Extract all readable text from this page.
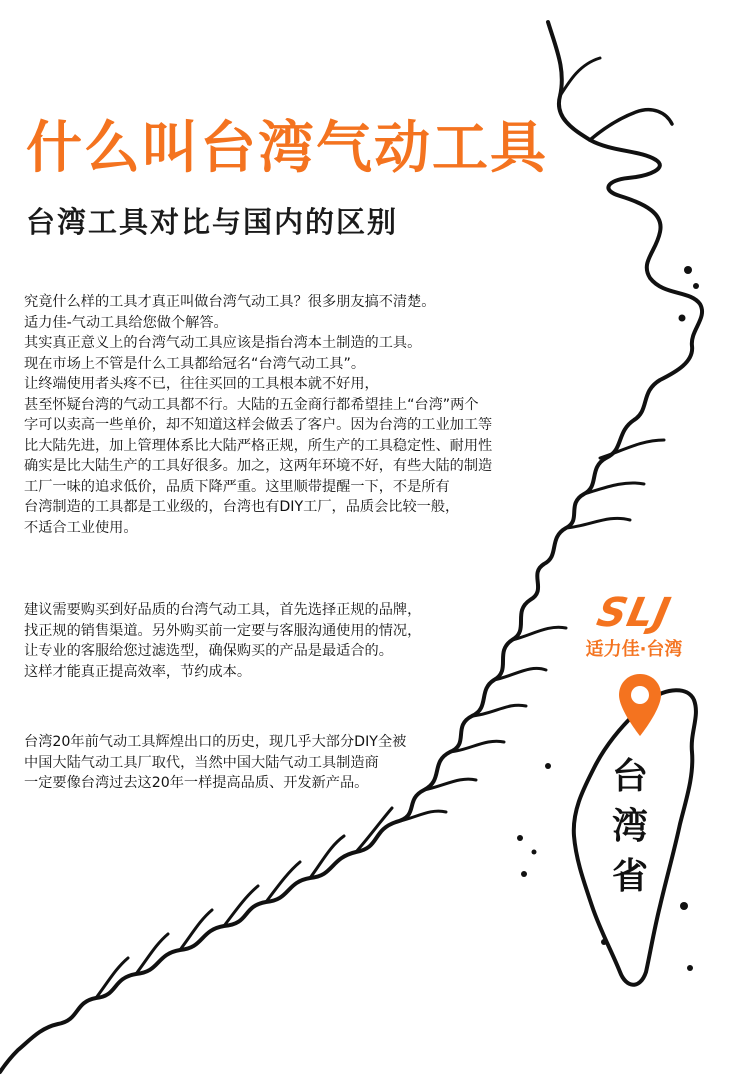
什么叫台湾气动工具
台湾工具对比与国内的区别
究竟什么样的工具才真正叫做台湾气动工具？很多朋友搞不清楚。
适力佳-气动工具给您做个解答。
其实真正意义上的台湾气动工具应该是指台湾本土制造的工具。
现在市场上不管是什么工具都给冠名“台湾气动工具”。
让终端使用者头疼不已，往往买回的工具根本就不好用，
甚至怀疑台湾的气动工具都不行。大陆的五金商行都希望挂上“台湾”两个
字可以卖高一些单价，却不知道这样会做丢了客户。因为台湾的工业加工等
比大陆先进，加上管理体系比大陆严格正规，所生产的工具稳定性、耐用性
确实是比大陆生产的工具好很多。加之，这两年环境不好，有些大陆的制造
工厂一味的追求低价，品质下降严重。这里顺带提醒一下，不是所有
台湾制造的工具都是工业级的，台湾也有DIY工厂，品质会比较一般，
不适合工业使用。
建议需要购买到好品质的台湾气动工具，首先选择正规的品牌，
找正规的销售渠道。另外购买前一定要与客服沟通使用的情况，
让专业的客服给您过滤选型，确保购买的产品是最适合的。
这样才能真正提高效率，节约成本。
台湾20年前气动工具辉煌出口的历史，现几乎大部分DIY全被
中国大陆气动工具厂取代，当然中国大陆气动工具制造商
一定要像台湾过去这20年一样提高品质、开发新产品。
SLJ
适力佳·台湾
台
湾
省
